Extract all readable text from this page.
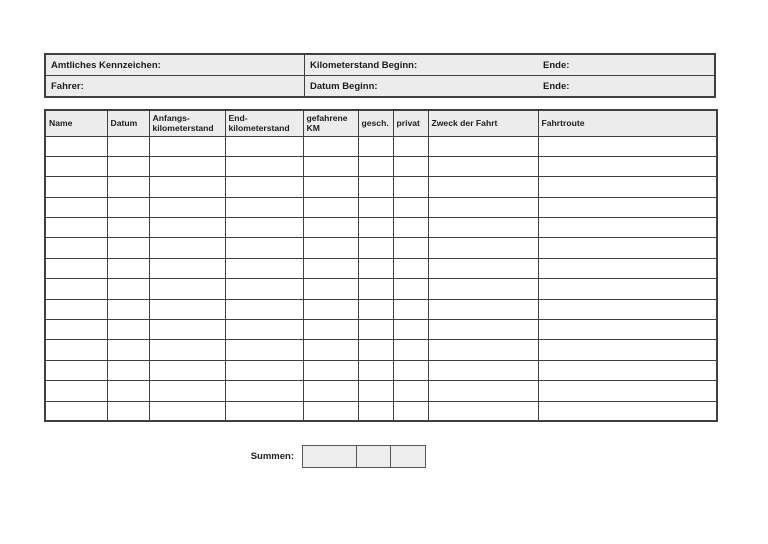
Amtliches Kennzeichen:	Kilometerstand Beginn:	Ende:
Fahrer:	Datum Beginn:	Ende:
Name	Datum	Anfangs-kilometerstand	End-kilometerstand	gefahrene KM	gesch.	privat	Zweck der Fahrt	Fahrtroute

Summen:
